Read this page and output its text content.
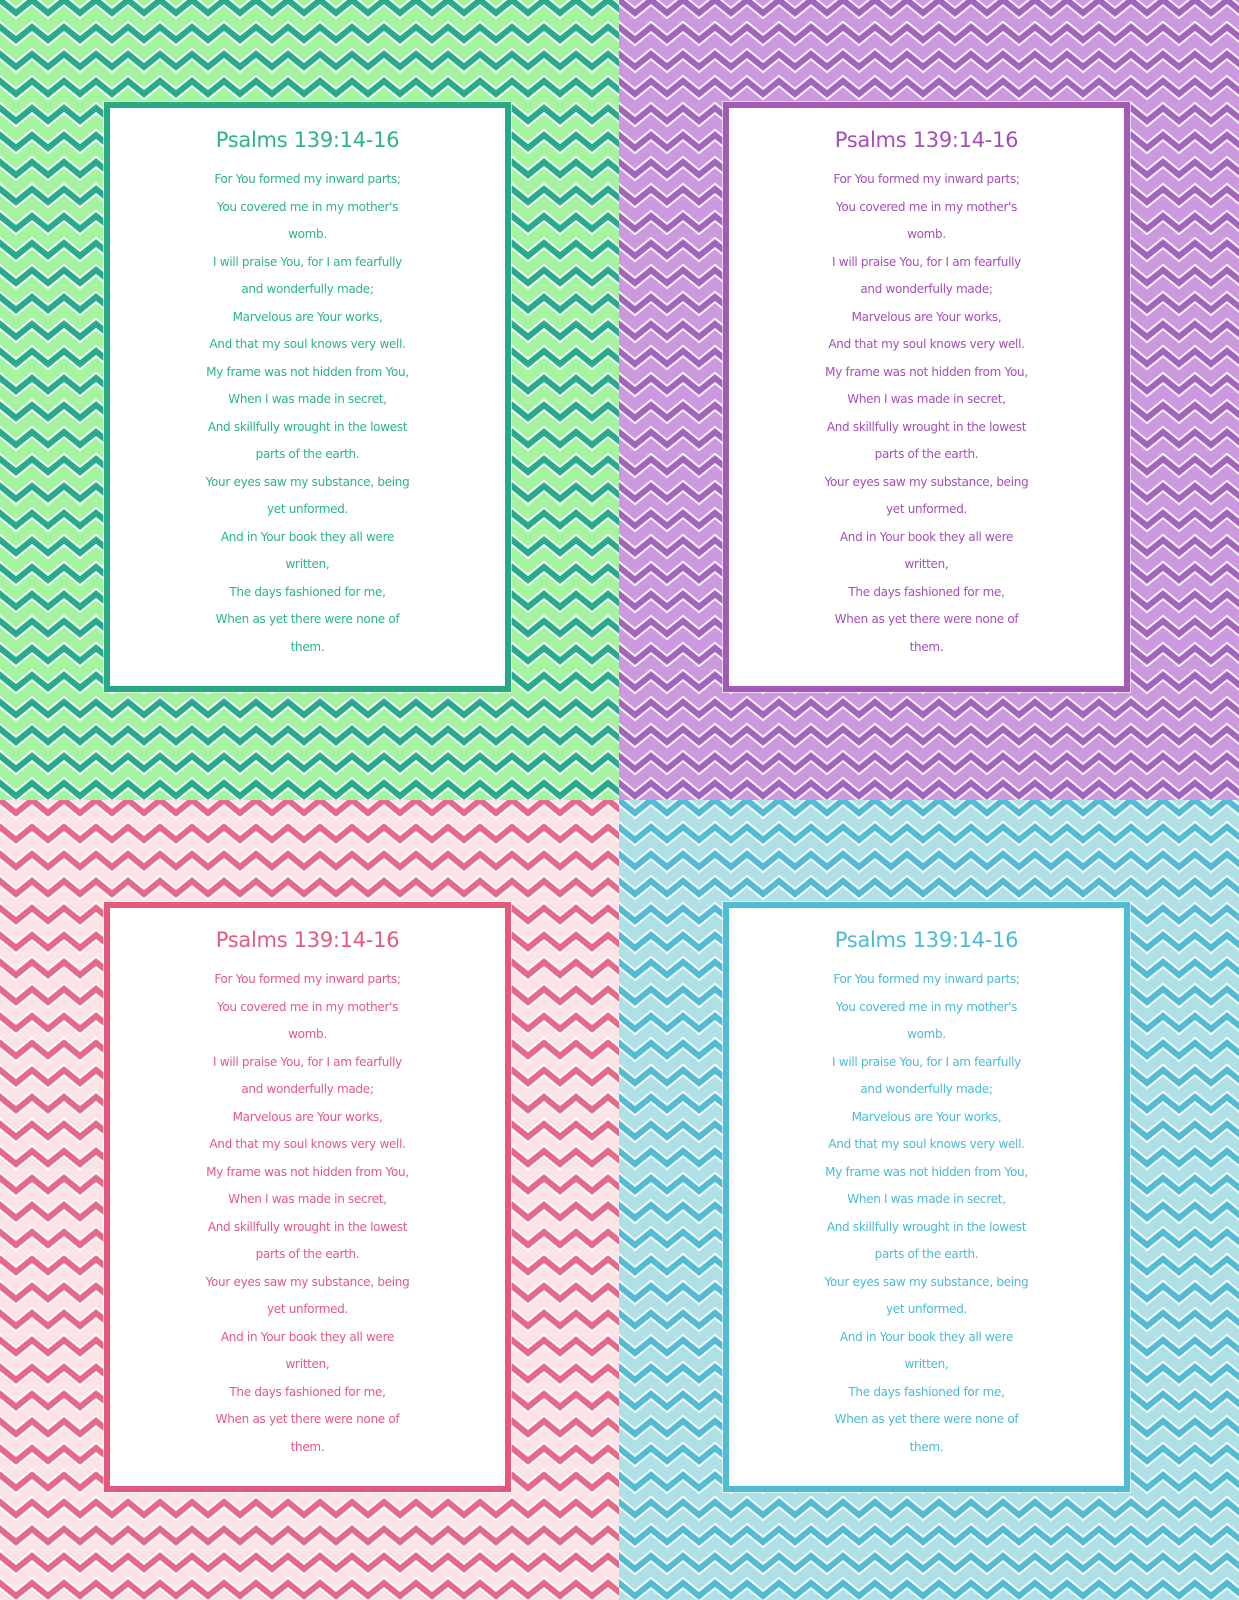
Psalms 139:14-16
For You formed my inward parts;
You covered me in my mother's
womb.
I will praise You, for I am fearfully
and wonderfully made;
Marvelous are Your works,
And that my soul knows very well.
My frame was not hidden from You,
When I was made in secret,
And skillfully wrought in the lowest
parts of the earth.
Your eyes saw my substance, being
yet unformed.
And in Your book they all were
written,
The days fashioned for me,
When as yet there were none of
them.
Psalms 139:14-16
For You formed my inward parts;
You covered me in my mother's
womb.
I will praise You, for I am fearfully
and wonderfully made;
Marvelous are Your works,
And that my soul knows very well.
My frame was not hidden from You,
When I was made in secret,
And skillfully wrought in the lowest
parts of the earth.
Your eyes saw my substance, being
yet unformed.
And in Your book they all were
written,
The days fashioned for me,
When as yet there were none of
them.
Psalms 139:14-16
For You formed my inward parts;
You covered me in my mother's
womb.
I will praise You, for I am fearfully
and wonderfully made;
Marvelous are Your works,
And that my soul knows very well.
My frame was not hidden from You,
When I was made in secret,
And skillfully wrought in the lowest
parts of the earth.
Your eyes saw my substance, being
yet unformed.
And in Your book they all were
written,
The days fashioned for me,
When as yet there were none of
them.
Psalms 139:14-16
For You formed my inward parts;
You covered me in my mother's
womb.
I will praise You, for I am fearfully
and wonderfully made;
Marvelous are Your works,
And that my soul knows very well.
My frame was not hidden from You,
When I was made in secret,
And skillfully wrought in the lowest
parts of the earth.
Your eyes saw my substance, being
yet unformed.
And in Your book they all were
written,
The days fashioned for me,
When as yet there were none of
them.
